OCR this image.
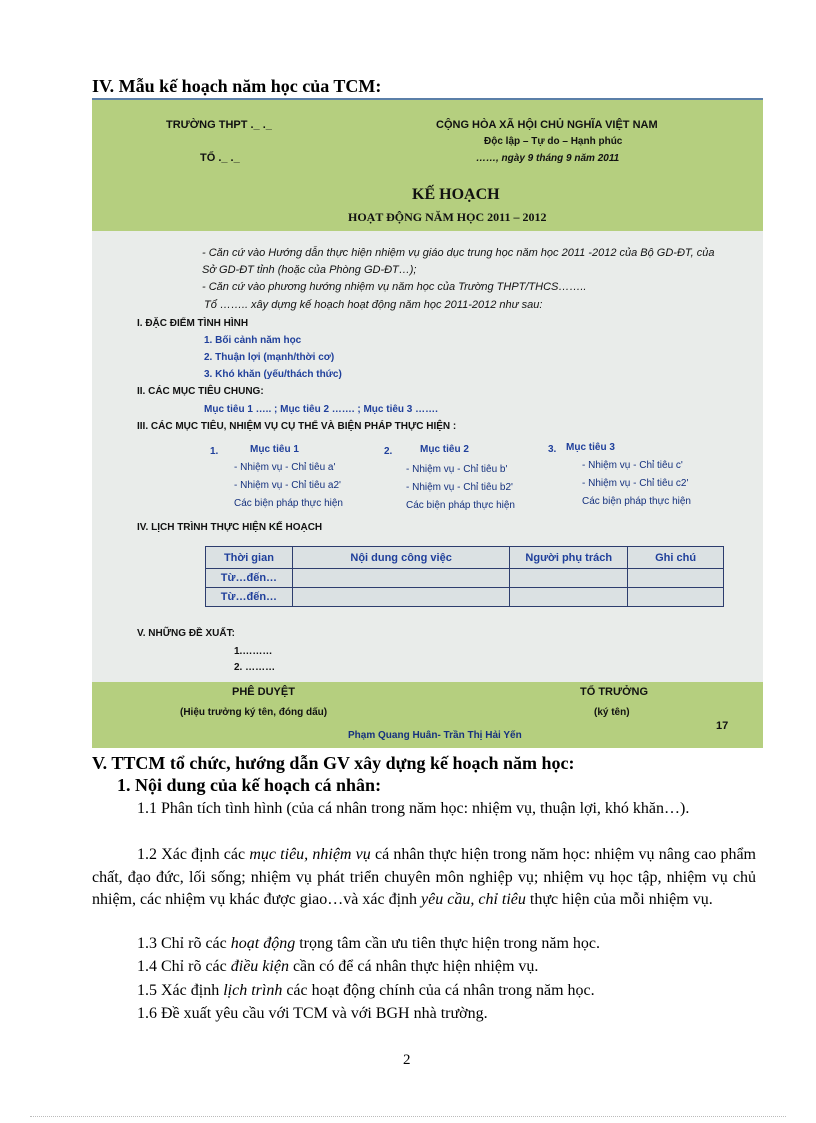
IV. Mẫu kế hoạch năm học của TCM:
TRƯỜNG THPT ._ ._
TỔ ._ ._
CỘNG HÒA XÃ HỘI CHỦ NGHĨA VIỆT NAM
Độc lập – Tự do – Hạnh phúc
……, ngày 9 tháng 9 năm 2011
KẾ HOẠCH
HOẠT ĐỘNG NĂM HỌC 2011 – 2012
- Căn cứ vào Hướng dẫn thực hiện nhiệm vụ giáo dục trung học năm học 2011 -2012 của Bộ GD-ĐT, của
Sở GD-ĐT tỉnh (hoặc của Phòng GD-ĐT…);
- Căn cứ vào phương hướng nhiệm vụ năm học của Trường THPT/THCS……..
Tổ …….. xây dựng kế hoạch hoạt động năm học 2011-2012 như sau:
I. ĐẶC ĐIỂM TÌNH HÌNH
1. Bối cảnh năm học
2. Thuận lợi (mạnh/thời cơ)
3. Khó khăn (yếu/thách thức)
II. CÁC MỤC TIÊU CHUNG:
Mục tiêu 1 ….. ; Mục tiêu 2 ……. ; Mục tiêu 3 …….
III. CÁC MỤC TIÊU, NHIỆM VỤ CỤ THỂ VÀ BIỆN PHÁP THỰC HIỆN :
1.	Mục tiêu 1
- Nhiệm vụ - Chỉ tiêu a'
- Nhiệm vụ - Chỉ tiêu a2'
Các biện pháp thực hiện
2.	Mục tiêu 2
- Nhiệm vụ - Chỉ tiêu b'
- Nhiệm vụ - Chỉ tiêu b2'
Các biện pháp thực hiện
3. Mục tiêu 3
- Nhiệm vụ - Chỉ tiêu c'
- Nhiệm vụ - Chỉ tiêu c2'
Các biện pháp thực hiện
IV. LỊCH TRÌNH THỰC HIỆN KẾ HOẠCH
Thời gian	Nội dung công việc	Người phụ trách	Ghi chú
Từ…đến…			
Từ…đến…			
V. NHỮNG ĐỀ XUẤT:
1.………
2. ………
PHÊ DUYỆT
(Hiệu trưởng ký tên, đóng dấu)
TỔ TRƯỞNG
(ký tên)
Phạm Quang Huân- Trần Thị Hải Yến
17
V. TTCM tổ chức, hướng dẫn GV xây dựng kế hoạch năm học:
1. Nội dung của kế hoạch cá nhân:
1.1 Phân tích tình hình (của cá nhân trong năm học: nhiệm vụ, thuận lợi, khó khăn…).
1.2 Xác định các mục tiêu, nhiệm vụ cá nhân thực hiện trong năm học: nhiệm vụ nâng cao phẩm chất, đạo đức, lối sống; nhiệm vụ phát triển chuyên môn nghiệp vụ; nhiệm vụ học tập, nhiệm vụ chủ nhiệm, các nhiệm vụ khác được giao…và xác định yêu cầu, chỉ tiêu thực hiện của mỗi nhiệm vụ.
1.3 Chỉ rõ các hoạt động trọng tâm cần ưu tiên thực hiện trong năm học.
1.4 Chỉ rõ các điều kiện cần có để cá nhân thực hiện nhiệm vụ.
1.5 Xác định lịch trình các hoạt động chính của cá nhân trong năm học.
1.6 Đề xuất yêu cầu với TCM và với BGH nhà trường.
2
